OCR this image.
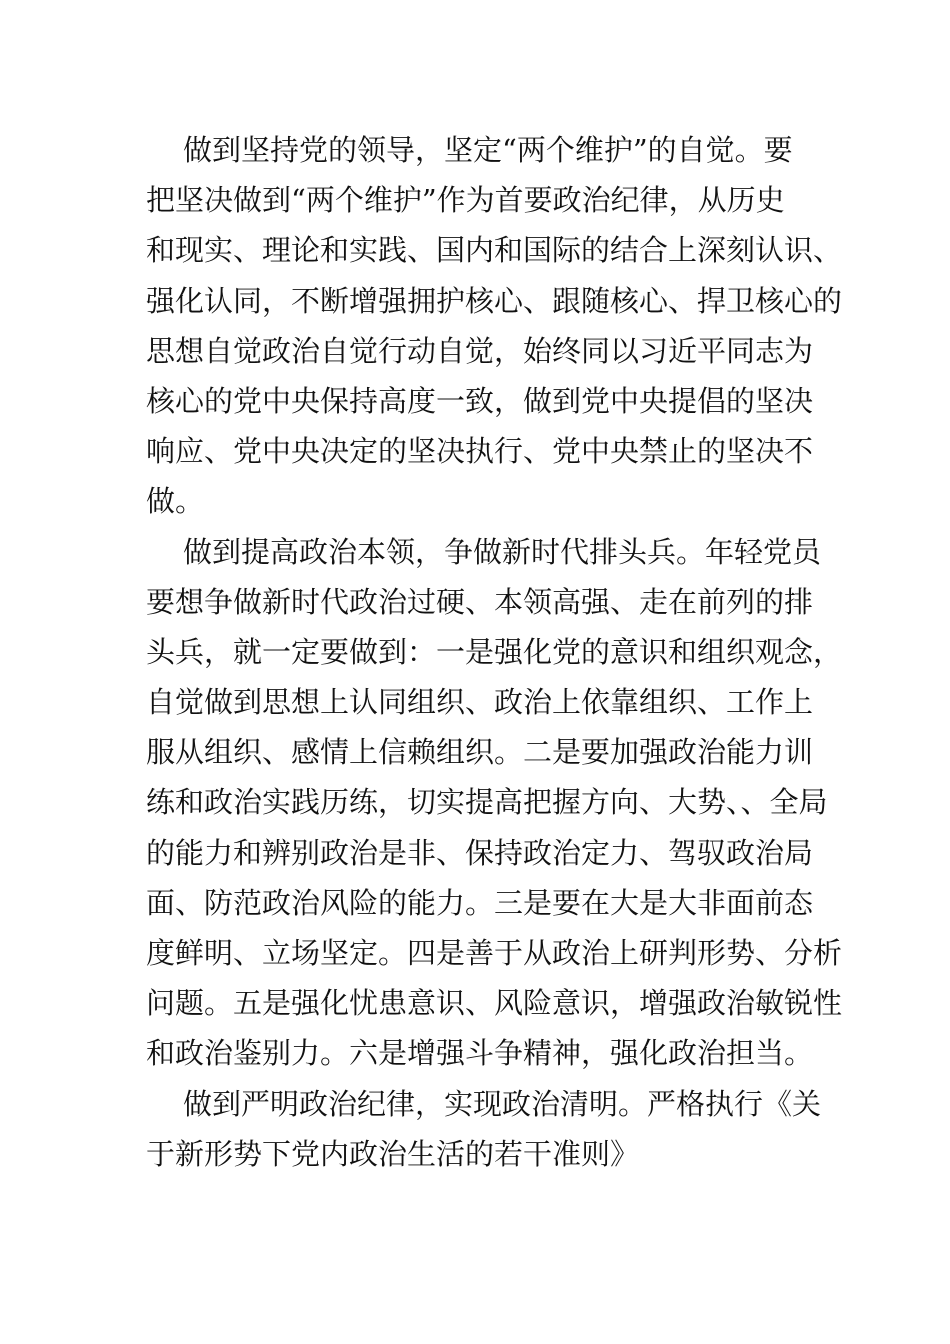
做到坚持党的领导，坚定“两个维护”的自觉。要
把坚决做到“两个维护”作为首要政治纪律，从历史
和现实、理论和实践、国内和国际的结合上深刻认识、
强化认同，不断增强拥护核心、跟随核心、捍卫核心的
思想自觉政治自觉行动自觉，始终同以习近平同志为
核心的党中央保持高度一致，做到党中央提倡的坚决
响应、党中央决定的坚决执行、党中央禁止的坚决不
做。
做到提高政治本领，争做新时代排头兵。年轻党员
要想争做新时代政治过硬、本领高强、走在前列的排
头兵，就一定要做到：一是强化党的意识和组织观念，
自觉做到思想上认同组织、政治上依靠组织、工作上
服从组织、感情上信赖组织。二是要加强政治能力训
练和政治实践历练，切实提高把握方向、大势、、全局
的能力和辨别政治是非、保持政治定力、驾驭政治局
面、防范政治风险的能力。三是要在大是大非面前态
度鲜明、立场坚定。四是善于从政治上研判形势、分析
问题。五是强化忧患意识、风险意识，增强政治敏锐性
和政治鉴别力。六是增强斗争精神，强化政治担当。
做到严明政治纪律，实现政治清明。严格执行《关
于新形势下党内政治生活的若干准则》
